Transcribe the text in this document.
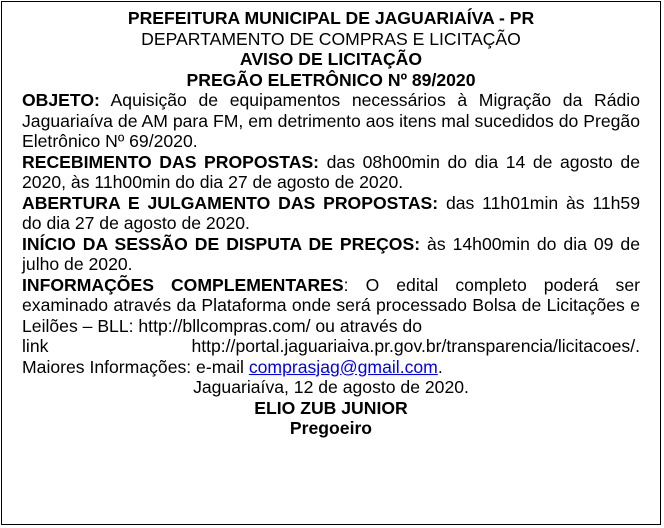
PREFEITURA MUNICIPAL DE JAGUARIAÍVA - PR
DEPARTAMENTO DE COMPRAS E LICITAÇÃO
AVISO DE LICITAÇÃO
PREGÃO ELETRÔNICO Nº 89/2020

OBJETO: Aquisição de equipamentos necessários à Migração da Rádio Jaguariaíva de AM para FM, em detrimento aos itens mal sucedidos do Pregão Eletrônico Nº 69/2020.

RECEBIMENTO DAS PROPOSTAS: das 08h00min do dia 14 de agosto de 2020, às 11h00min do dia 27 de agosto de 2020.

ABERTURA E JULGAMENTO DAS PROPOSTAS: das 11h01min às 11h59 do dia 27 de agosto de 2020.

INÍCIO DA SESSÃO DE DISPUTA DE PREÇOS: às 14h00min do dia 09 de julho de 2020.

INFORMAÇÕES COMPLEMENTARES: O edital completo poderá ser examinado através da Plataforma onde será processado Bolsa de Licitações e Leilões – BLL: http://bllcompras.com/ ou através do

link	http://portal.jaguariaiva.pr.gov.br/transparencia/licitacoes/.
Maiores Informações: e-mail comprasjag@gmail.com.
Jaguariaíva, 12 de agosto de 2020.
ELIO ZUB JUNIOR
Pregoeiro
